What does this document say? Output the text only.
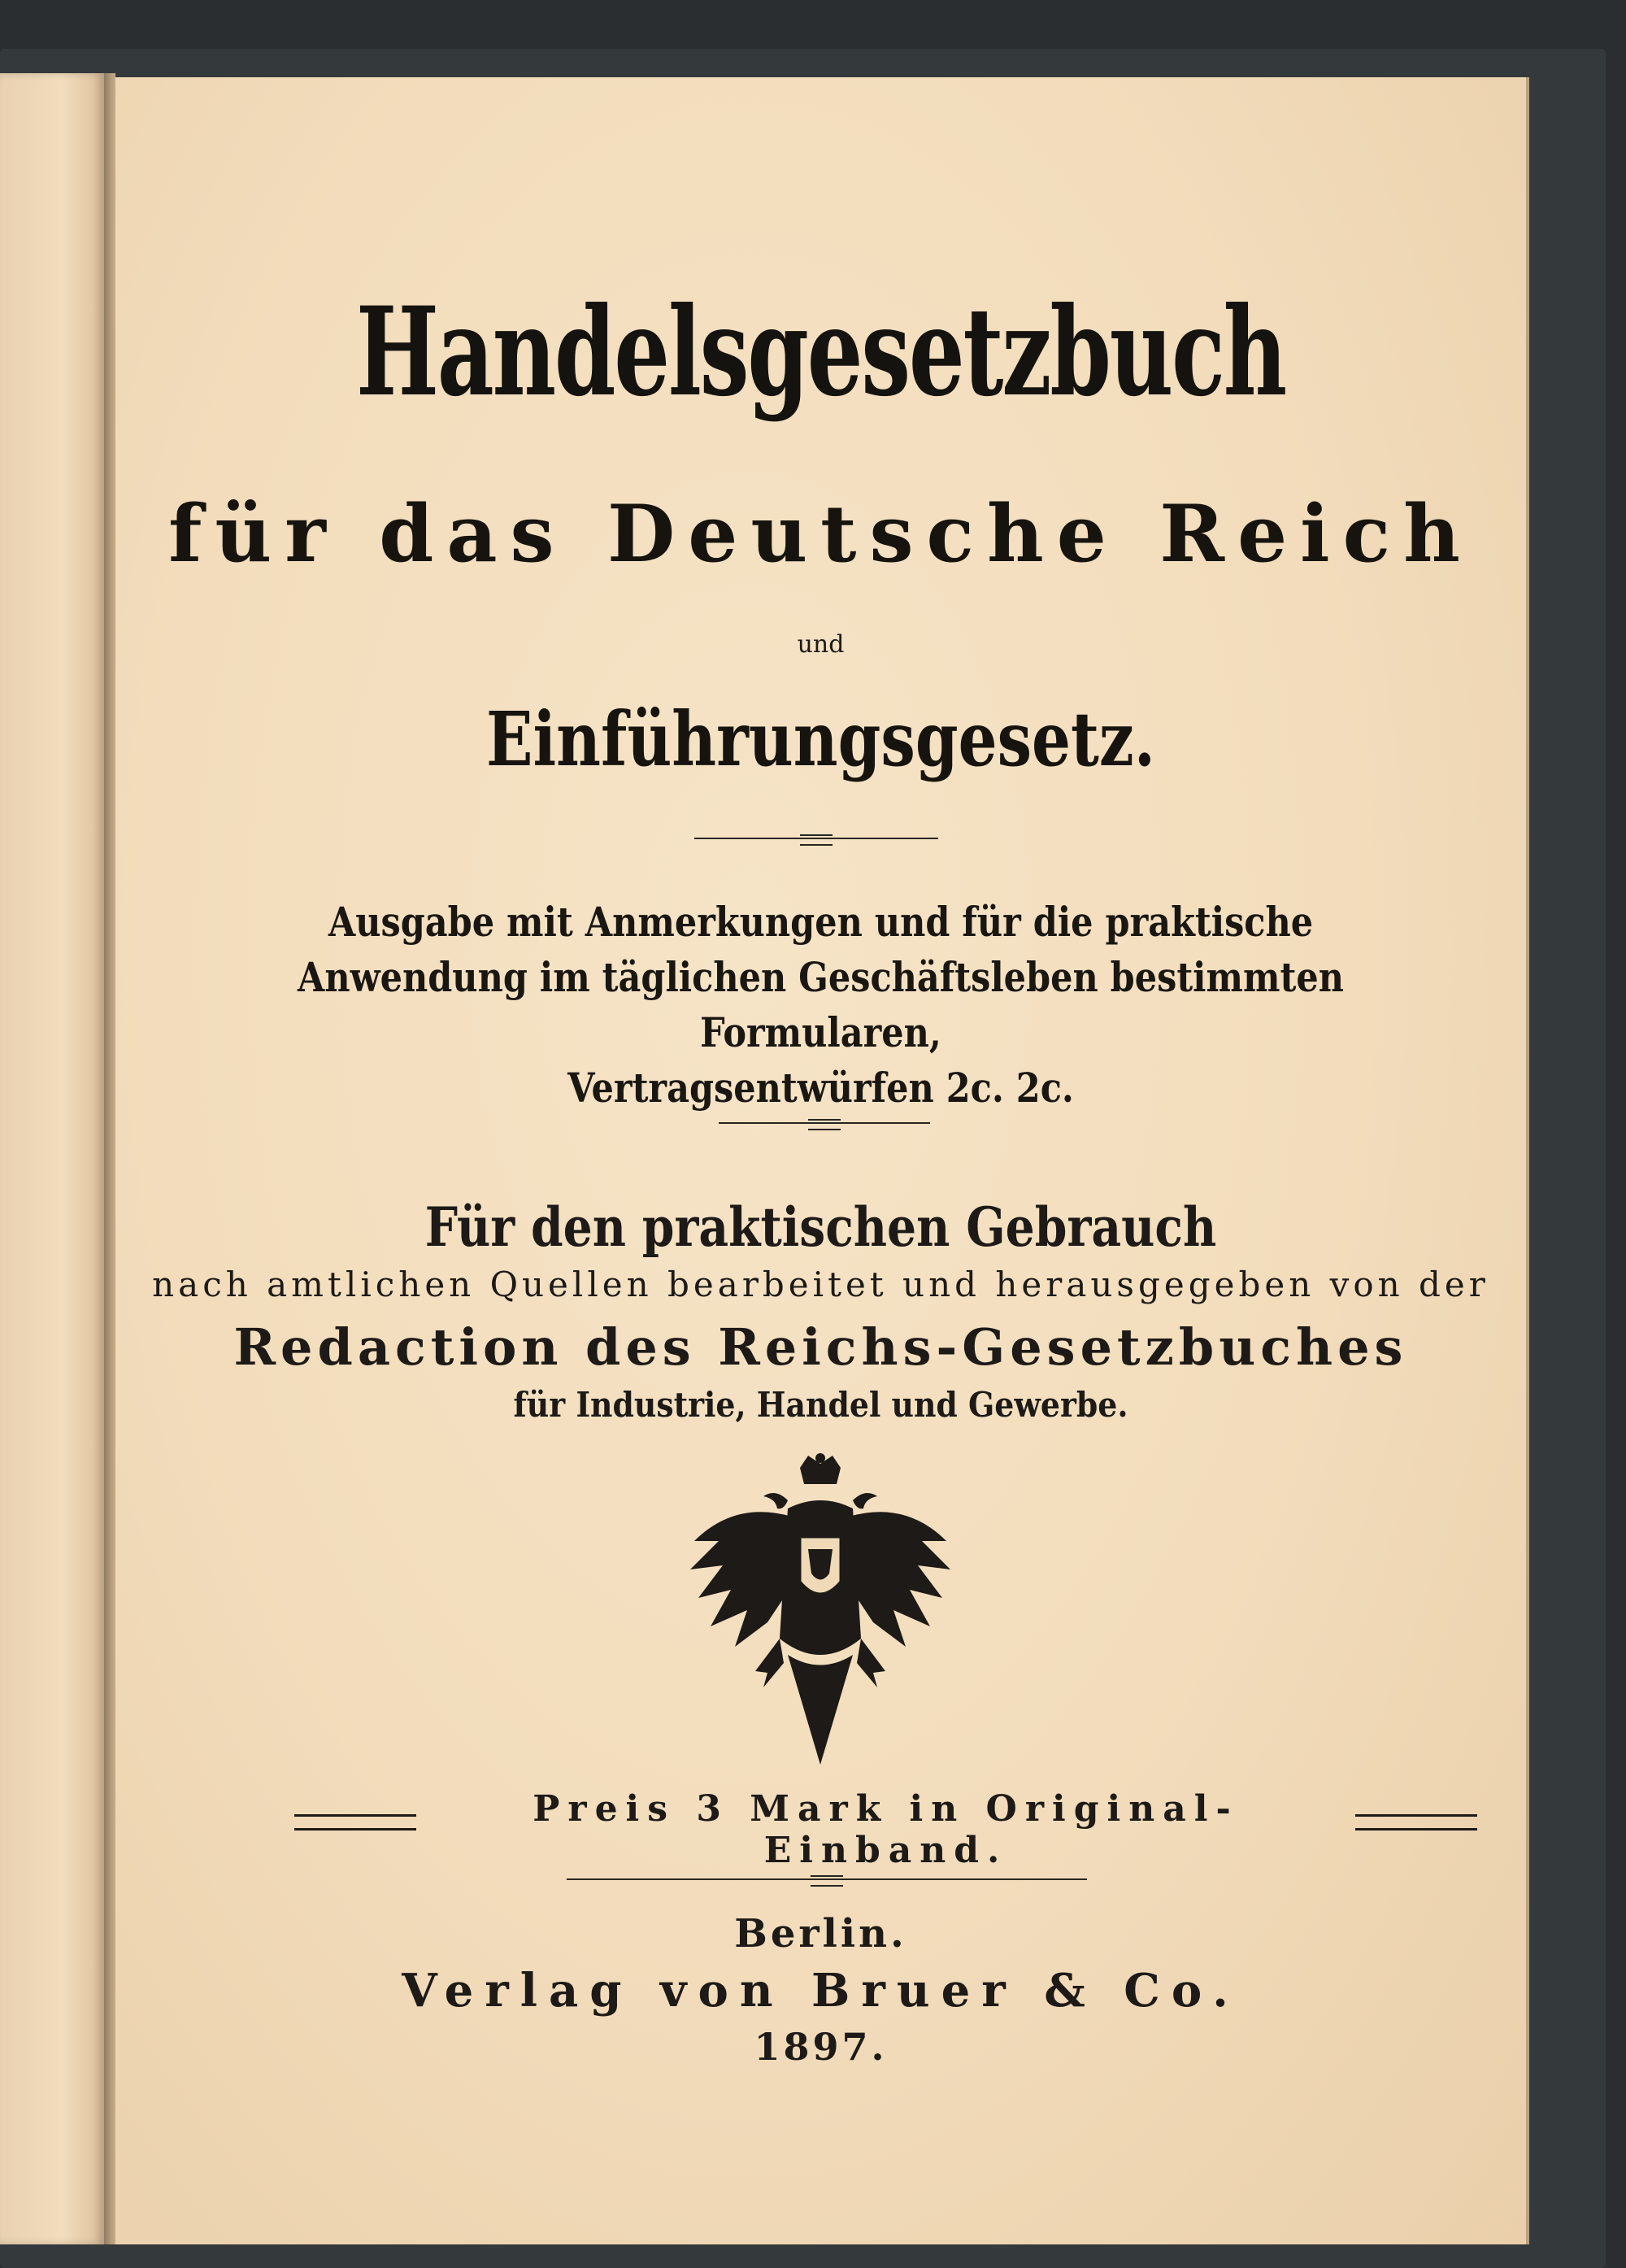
Handelsgesetzbuch
für das Deutsche Reich
und
Einführungsgesetz.
Ausgabe mit Anmerkungen und für die praktische
Anwendung im täglichen Geschäftsleben bestimmten Formularen,
Vertragsentwürfen 2c. 2c.
Für den praktischen Gebrauch
nach amtlichen Quellen bearbeitet und herausgegeben von der
Redaction des Reichs-Gesetzbuches
für Industrie, Handel und Gewerbe.
Preis 3 Mark in Original-Einband.
Berlin.
Verlag von Bruer & Co.
1897.
